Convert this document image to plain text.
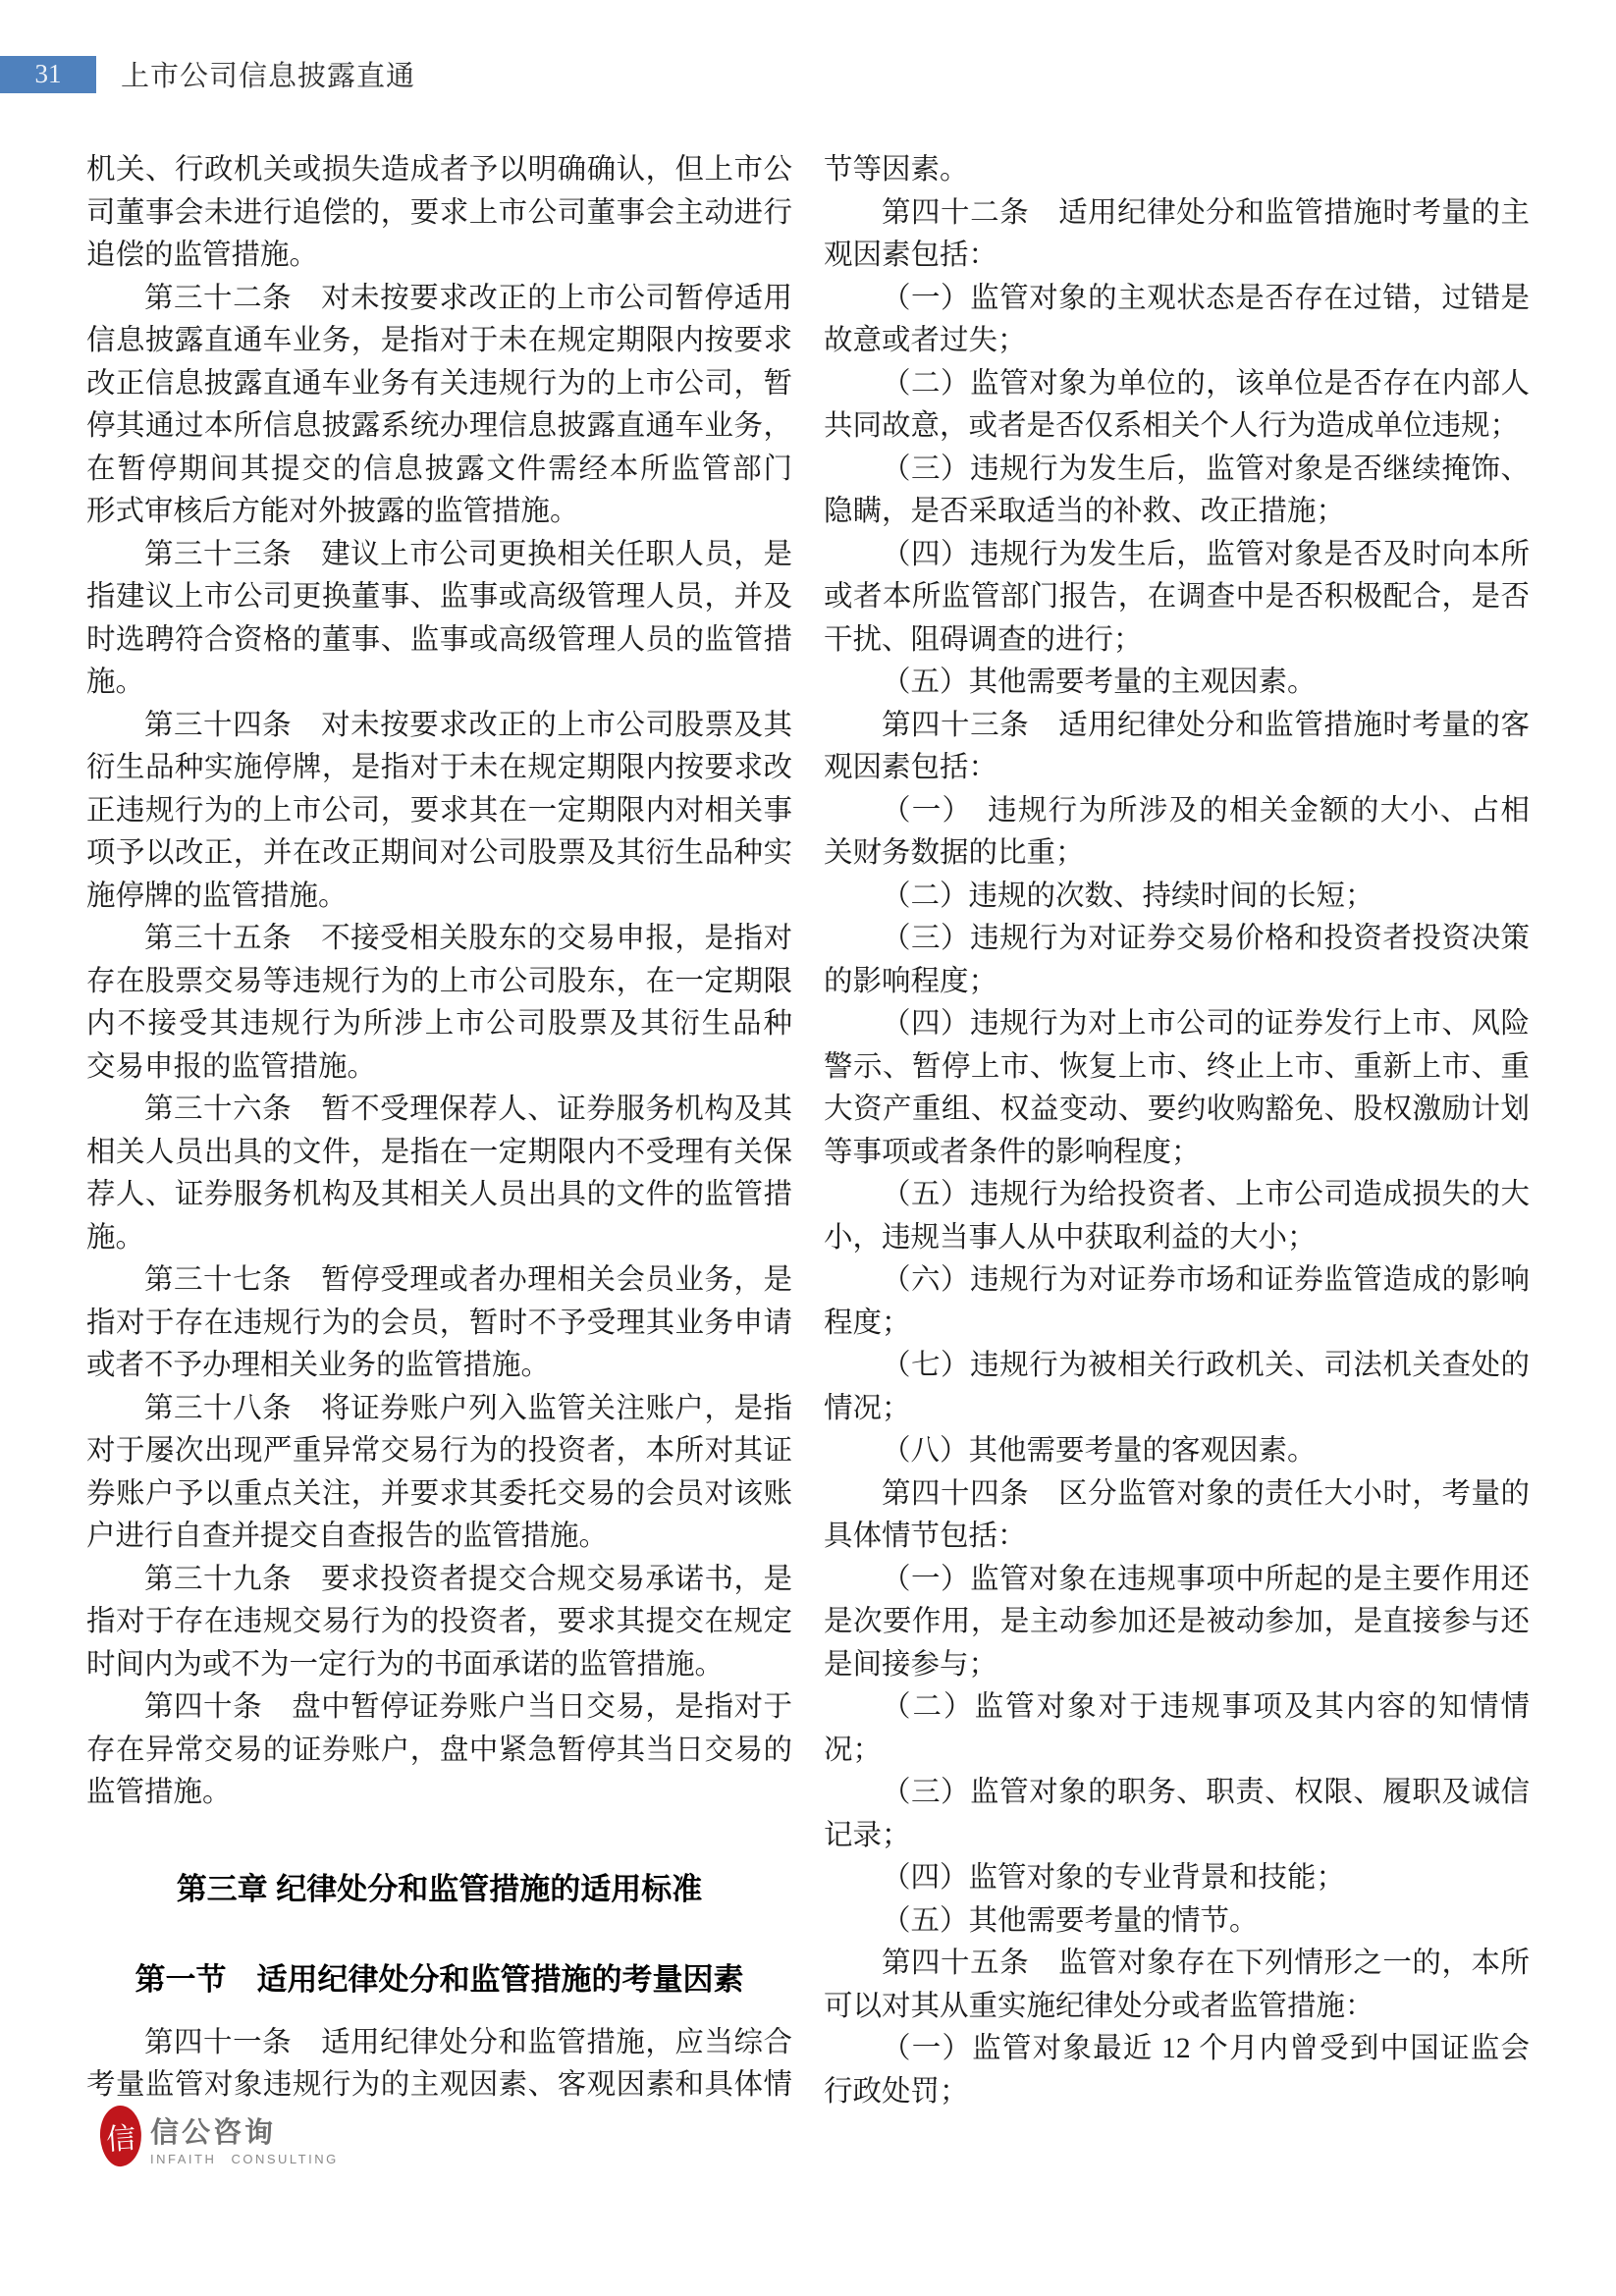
31 上市公司信息披露直通
机关、行政机关或损失造成者予以明确确认，但上市公
司董事会未进行追偿的，要求上市公司董事会主动进行
追偿的监管措施。
第三十二条　对未按要求改正的上市公司暂停适用
信息披露直通车业务，是指对于未在规定期限内按要求
改正信息披露直通车业务有关违规行为的上市公司，暂
停其通过本所信息披露系统办理信息披露直通车业务，
在暂停期间其提交的信息披露文件需经本所监管部门
形式审核后方能对外披露的监管措施。
第三十三条　建议上市公司更换相关任职人员，是
指建议上市公司更换董事、监事或高级管理人员，并及
时选聘符合资格的董事、监事或高级管理人员的监管措
施。
第三十四条　对未按要求改正的上市公司股票及其
衍生品种实施停牌，是指对于未在规定期限内按要求改
正违规行为的上市公司，要求其在一定期限内对相关事
项予以改正，并在改正期间对公司股票及其衍生品种实
施停牌的监管措施。
第三十五条　不接受相关股东的交易申报，是指对
存在股票交易等违规行为的上市公司股东，在一定期限
内不接受其违规行为所涉上市公司股票及其衍生品种
交易申报的监管措施。
第三十六条　暂不受理保荐人、证券服务机构及其
相关人员出具的文件，是指在一定期限内不受理有关保
荐人、证券服务机构及其相关人员出具的文件的监管措
施。
第三十七条　暂停受理或者办理相关会员业务，是
指对于存在违规行为的会员，暂时不予受理其业务申请
或者不予办理相关业务的监管措施。
第三十八条　将证券账户列入监管关注账户，是指
对于屡次出现严重异常交易行为的投资者，本所对其证
券账户予以重点关注，并要求其委托交易的会员对该账
户进行自查并提交自查报告的监管措施。
第三十九条　要求投资者提交合规交易承诺书，是
指对于存在违规交易行为的投资者，要求其提交在规定
时间内为或不为一定行为的书面承诺的监管措施。
第四十条　盘中暂停证券账户当日交易，是指对于
存在异常交易的证券账户，盘中紧急暂停其当日交易的
监管措施。
第三章 纪律处分和监管措施的适用标准
第一节　适用纪律处分和监管措施的考量因素
第四十一条　适用纪律处分和监管措施，应当综合
考量监管对象违规行为的主观因素、客观因素和具体情
信 信公咨询
INFAITH CONSULTING
节等因素。
第四十二条　适用纪律处分和监管措施时考量的主
观因素包括：
（一）监管对象的主观状态是否存在过错，过错是
故意或者过失；
（二）监管对象为单位的，该单位是否存在内部人
共同故意，或者是否仅系相关个人行为造成单位违规；
（三）违规行为发生后，监管对象是否继续掩饰、
隐瞒，是否采取适当的补救、改正措施；
（四）违规行为发生后，监管对象是否及时向本所
或者本所监管部门报告，在调查中是否积极配合，是否
干扰、阻碍调查的进行；
（五）其他需要考量的主观因素。
第四十三条　适用纪律处分和监管措施时考量的客
观因素包括：
（一）　违规行为所涉及的相关金额的大小、占相
关财务数据的比重；
（二）违规的次数、持续时间的长短；
（三）违规行为对证券交易价格和投资者投资决策
的影响程度；
（四）违规行为对上市公司的证券发行上市、风险
警示、暂停上市、恢复上市、终止上市、重新上市、重
大资产重组、权益变动、要约收购豁免、股权激励计划
等事项或者条件的影响程度；
（五）违规行为给投资者、上市公司造成损失的大
小，违规当事人从中获取利益的大小；
（六）违规行为对证券市场和证券监管造成的影响
程度；
（七）违规行为被相关行政机关、司法机关查处的
情况；
（八）其他需要考量的客观因素。
第四十四条　区分监管对象的责任大小时，考量的
具体情节包括：
（一）监管对象在违规事项中所起的是主要作用还
是次要作用，是主动参加还是被动参加，是直接参与还
是间接参与；
（二）监管对象对于违规事项及其内容的知情情
况；
（三）监管对象的职务、职责、权限、履职及诚信
记录；
（四）监管对象的专业背景和技能；
（五）其他需要考量的情节。
第四十五条　监管对象存在下列情形之一的，本所
可以对其从重实施纪律处分或者监管措施：
（一）监管对象最近 12 个月内曾受到中国证监会
行政处罚；
